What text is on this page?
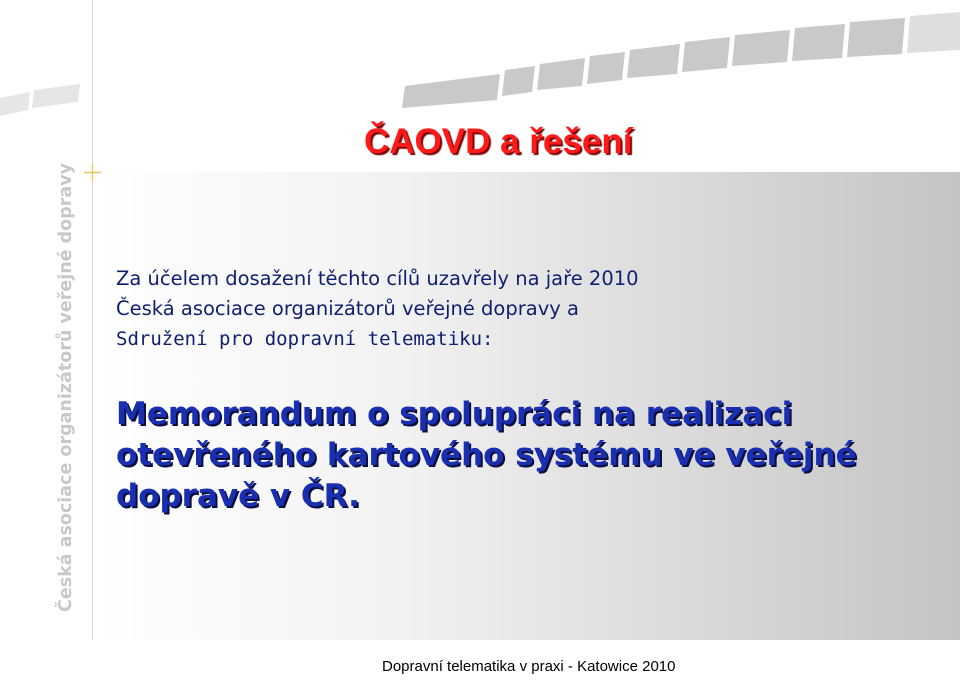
Česká asociace organizátorů veřejné dopravy
ČAOVD a řešení
Za účelem dosažení těchto cílů uzavřely na jaře 2010
Česká asociace organizátorů veřejné dopravy a
Sdružení pro dopravní telematiku:
Memorandum o spolupráci na realizaci
otevřeného kartového systému ve veřejné
dopravě v ČR.
Dopravní telematika v praxi - Katowice 2010
